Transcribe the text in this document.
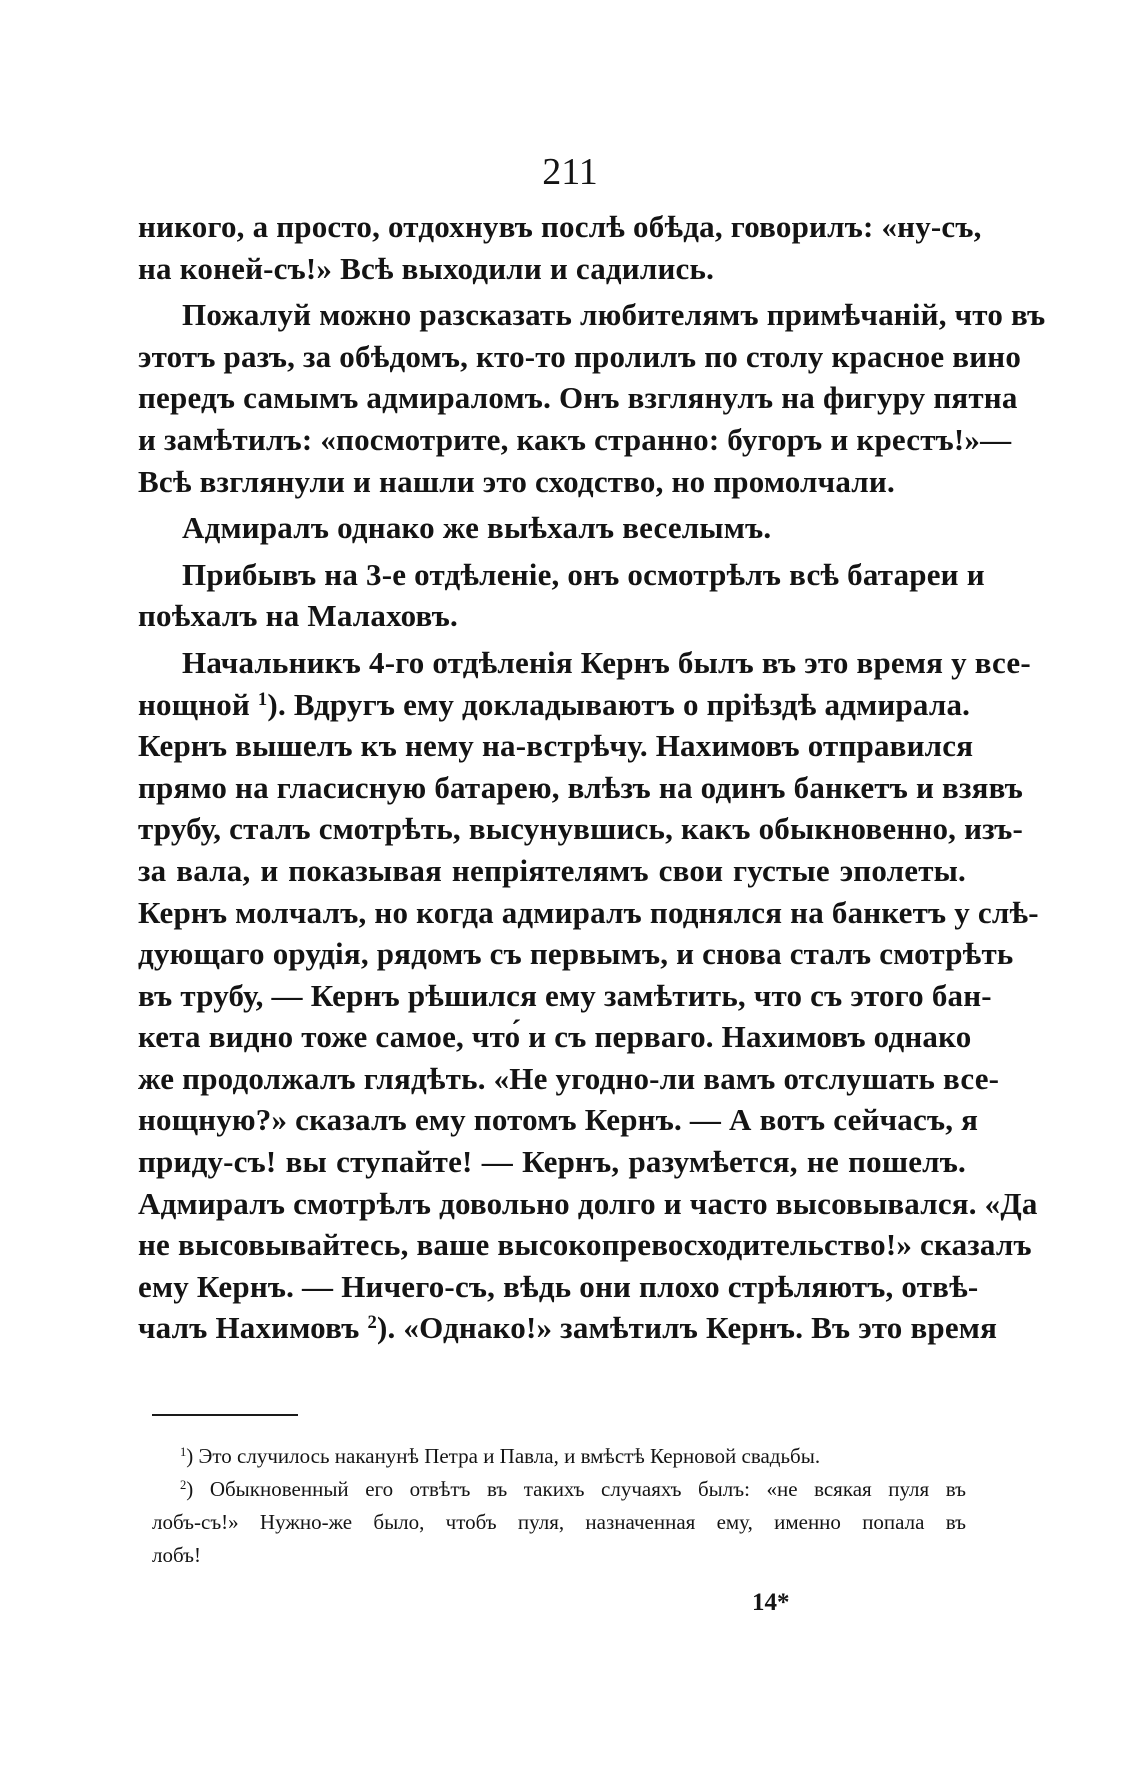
211
никого, а просто, отдохнувъ послѣ обѣда, говорилъ: «ну-съ,
на коней-съ!» Всѣ выходили и садились.
Пожалуй можно разсказать любителямъ примѣчаній, что въ
этотъ разъ, за обѣдомъ, кто-то пролилъ по столу красное вино
передъ самымъ адмираломъ. Онъ взглянулъ на фигуру пятна
и замѣтилъ: «посмотрите, какъ странно: бугоръ и крестъ!»—
Всѣ взглянули и нашли это сходство, но промолчали.
Адмиралъ однако же выѣхалъ веселымъ.
Прибывъ на 3-е отдѣленіе, онъ осмотрѣлъ всѣ батареи и
поѣхалъ на Малаховъ.
Начальникъ 4-го отдѣленія Кернъ былъ въ это время у все-
нощной $^1$). Вдругъ ему докладываютъ о пріѣздѣ адмирала.
Кернъ вышелъ къ нему на-встрѣчу. Нахимовъ отправился
прямо на гласисную батарею, влѣзъ на одинъ банкетъ и взявъ
трубу, сталъ смотрѣть, высунувшись, какъ обыкновенно, изъ-
за вала, и показывая непріятелямъ свои густые эполеты.
Кернъ молчалъ, но когда адмиралъ поднялся на банкетъ у слѣ-
дующаго орудія, рядомъ съ первымъ, и снова сталъ смотрѣть
въ трубу, — Кернъ рѣшился ему замѣтить, что съ этого бан-
кета видно тоже самое, что́ и съ перваго. Нахимовъ однако
же продолжалъ глядѣть. «Не угодно-ли вамъ отслушать все-
нощную?» сказалъ ему потомъ Кернъ. — А вотъ сейчасъ, я
приду-съ! вы ступайте! — Кернъ, разумѣется, не пошелъ.
Адмиралъ смотрѣлъ довольно долго и часто высовывался. «Да
не высовывайтесь, ваше высокопревосходительство!» сказалъ
ему Кернъ. — Ничего-съ, вѣдь они плохо стрѣляютъ, отвѣ-
чалъ Нахимовъ $^2$). «Однако!» замѣтилъ Кернъ. Въ это время
$^1$) Это случилось наканунѣ Петра и Павла, и вмѣстѣ Керновой свадьбы.
$^2$) Обыкновенный его отвѣтъ въ такихъ случаяхъ былъ: «не всякая пуля въ
лобъ-съ!» Нужно-же было, чтобъ пуля, назначенная ему, именно попала въ
лобъ!
14*
